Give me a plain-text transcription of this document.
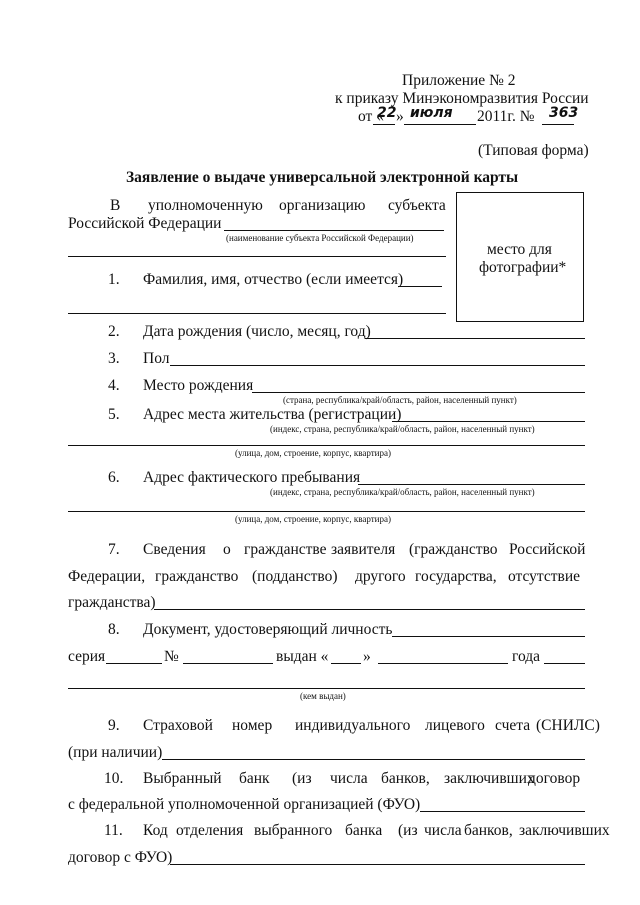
Приложение № 2
к приказу Минэкономразвития России
от «
22 » июля 2011г. № 363
(Типовая форма)
Заявление о выдаче универсальной электронной карты
В уполномоченную организацию субъекта
Российской Федерации
(наименование субъекта Российской Федерации)
место для
фотографии*
1. Фамилия, имя, отчество (если имеется)
2. Дата рождения (число, месяц, год)
3. Пол
4. Место рождения
(страна, республика/край/область, район, населенный пункт)
5. Адрес места жительства (регистрации)
(индекс, страна, республика/край/область, район, населенный пункт)
(улица, дом, строение, корпус, квартира)
6. Адрес фактического пребывания
(индекс, страна, республика/край/область, район, населенный пункт)
(улица, дом, строение, корпус, квартира)
7. Сведения о гражданстве заявителя (гражданство Российской
Федерации, гражданство (подданство) другого государства, отсутствие
гражданства)
8. Документ, удостоверяющий личность
серия	№	выдан « »	года
(кем выдан)
9. Страховой номер индивидуального лицевого счета (СНИЛС)
(при наличии)
10. Выбранный банк (из числа банков, заключивших
договор
с федеральной уполномоченной организацией (ФУО)
11. Код отделения выбранного банка (из числа банков, заключивших
договор с ФУО)
